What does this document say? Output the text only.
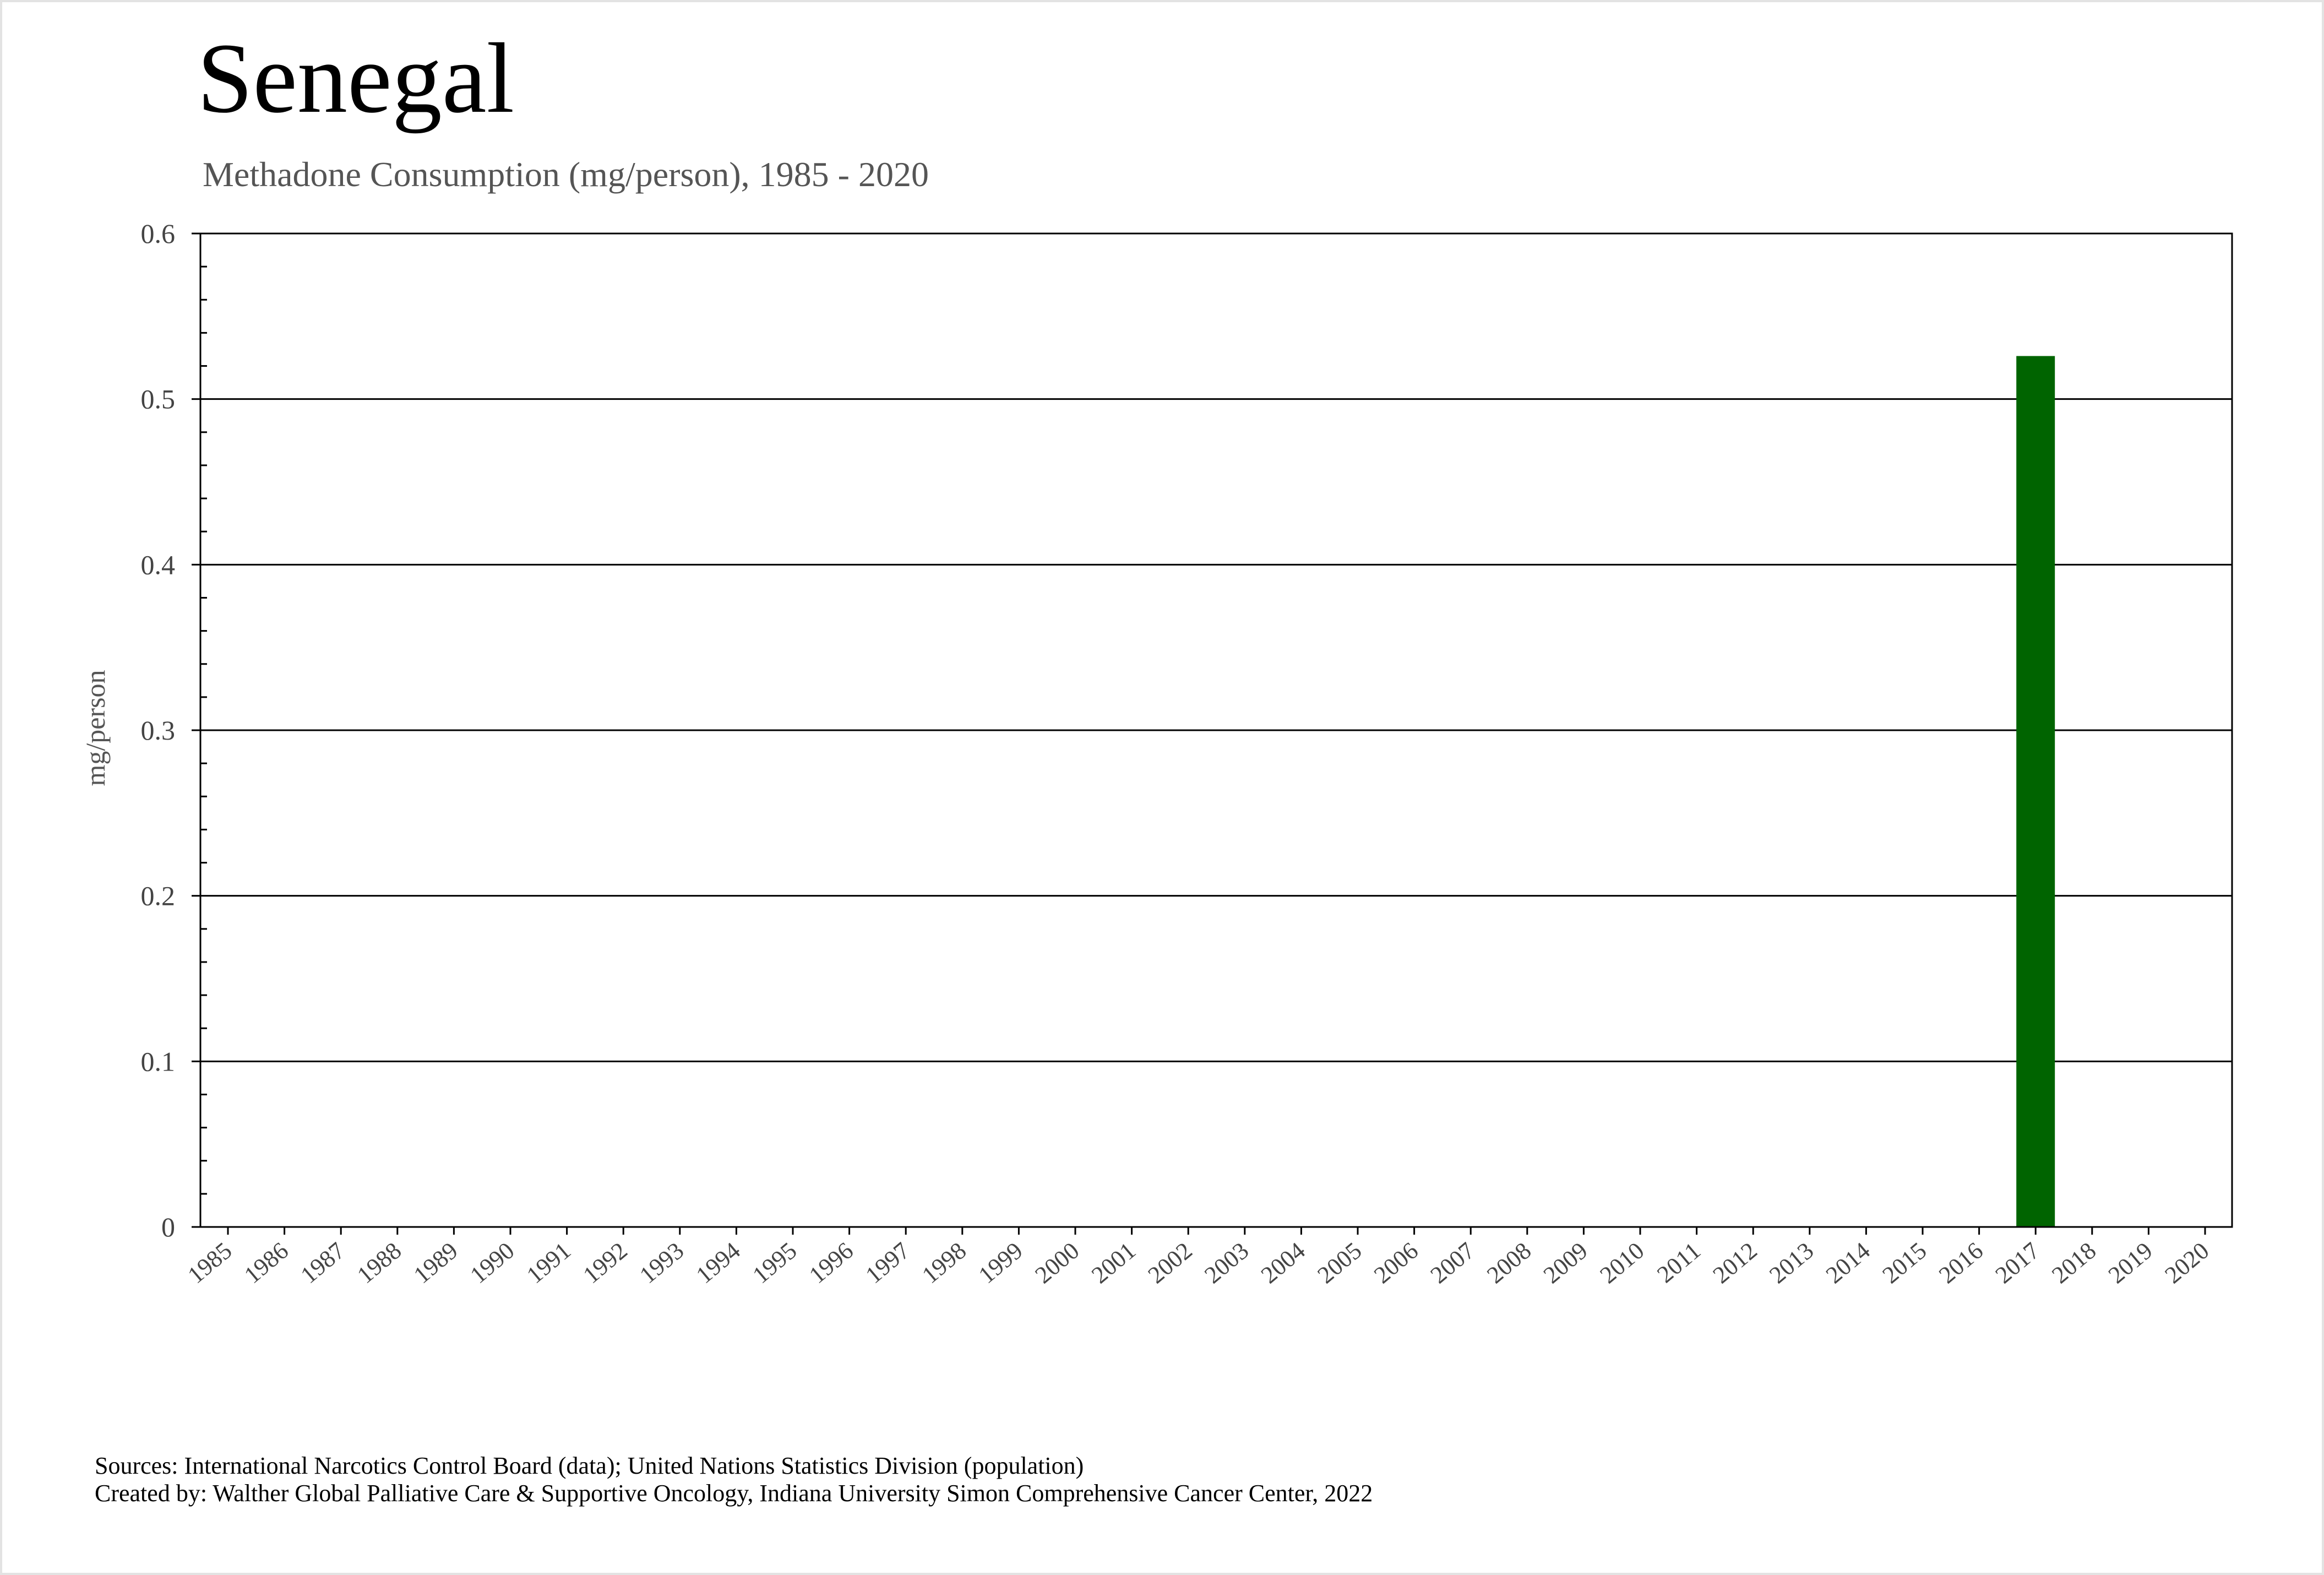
Senegal
Methadone Consumption (mg/person), 1985 - 2020
0
0.1
0.2
0.3
0.4
0.5
0.6
1985 1986 1987 1988 1989 1990 1991 1992 1993 1994 1995 1996 1997 1998 1999 2000 2001 2002 2003 2004 2005 2006 2007 2008 2009 2010 2011 2012 2013 2014 2015 2016 2017 2018 2019 2020
mg/person
Sources: International Narcotics Control Board (data); United Nations Statistics Division (population)
Created by: Walther Global Palliative Care & Supportive Oncology, Indiana University Simon Comprehensive Cancer Center, 2022
